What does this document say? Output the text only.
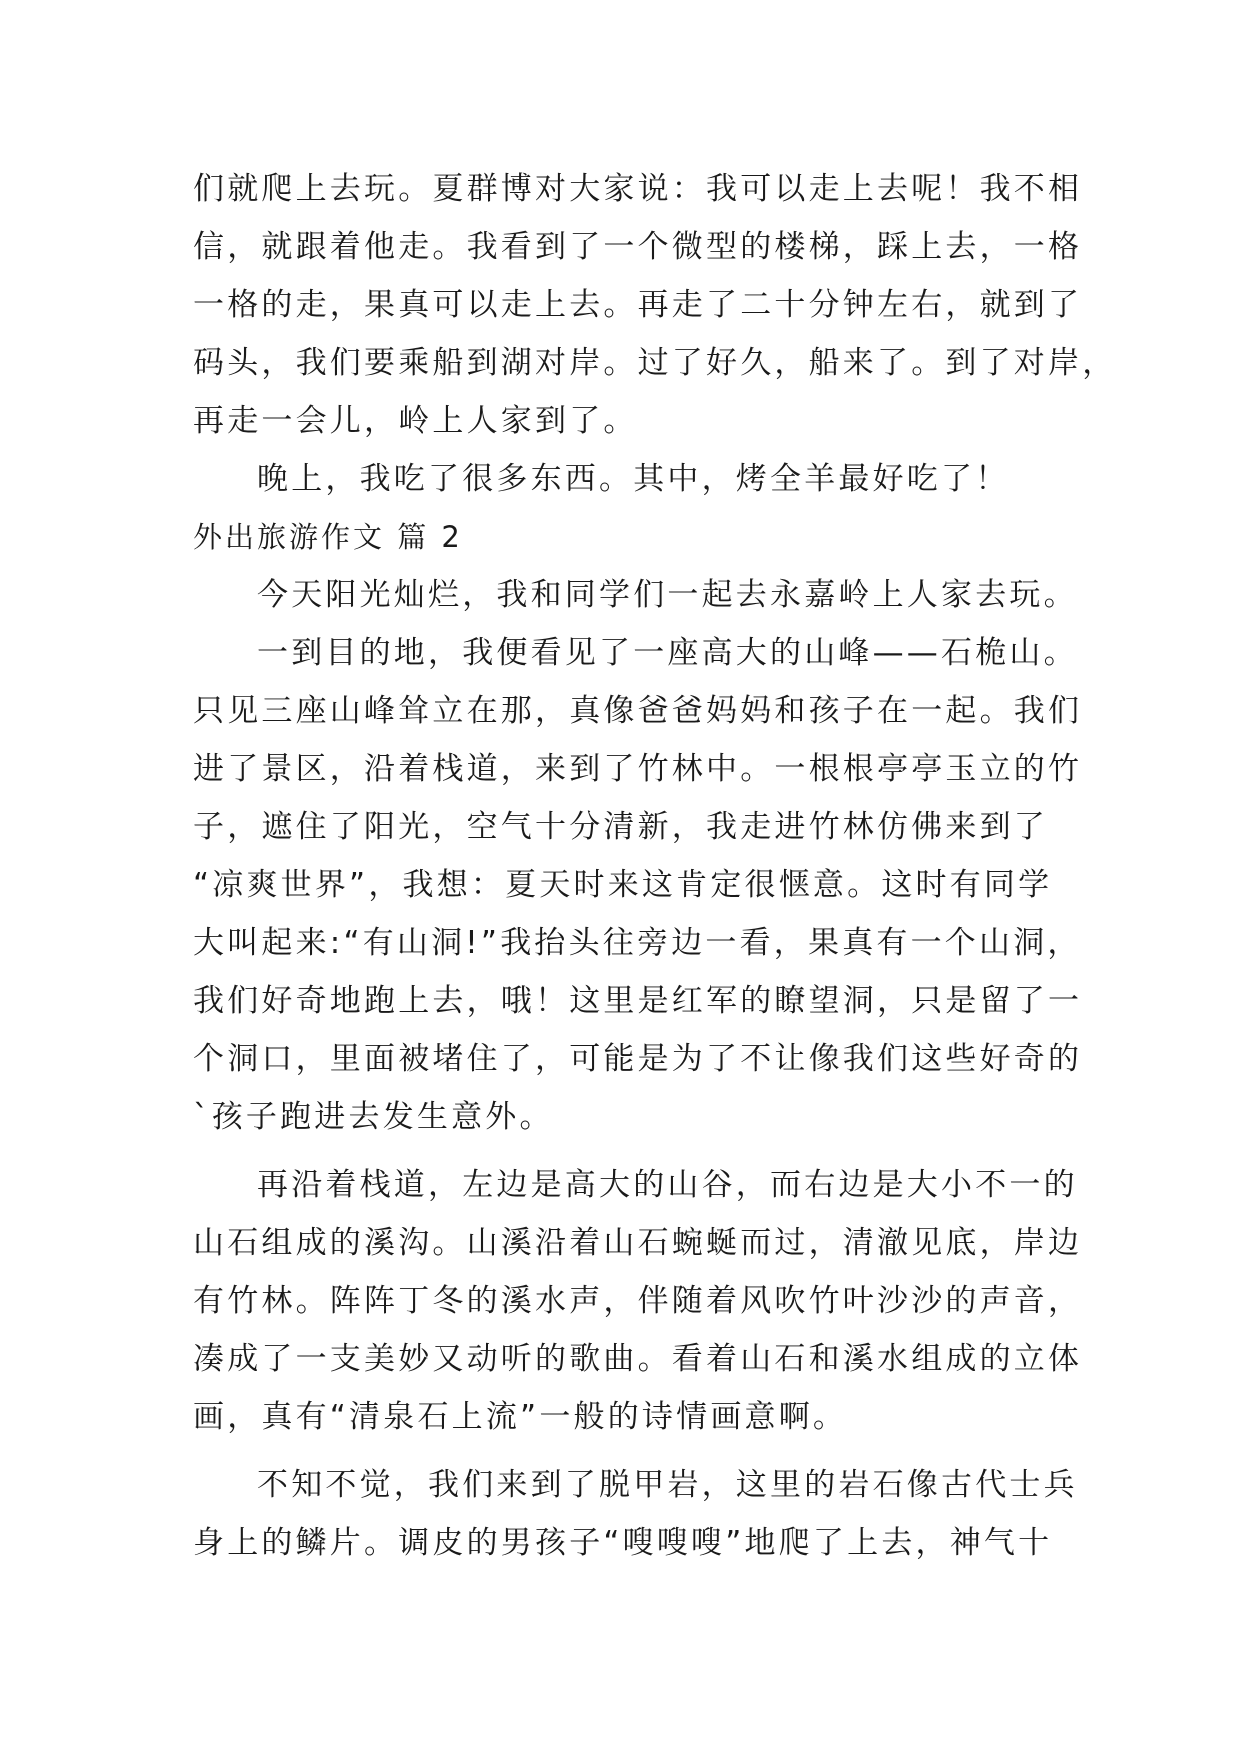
们就爬上去玩。夏群博对大家说：我可以走上去呢！我不相
信，就跟着他走。我看到了一个微型的楼梯，踩上去，一格
一格的走，果真可以走上去。再走了二十分钟左右，就到了
码头，我们要乘船到湖对岸。过了好久，船来了。到了对岸，
再走一会儿，岭上人家到了。
晚上，我吃了很多东西。其中，烤全羊最好吃了！
外出旅游作文 篇 2
今天阳光灿烂，我和同学们一起去永嘉岭上人家去玩。
一到目的地，我便看见了一座高大的山峰——石桅山。
只见三座山峰耸立在那，真像爸爸妈妈和孩子在一起。我们
进了景区，沿着栈道，来到了竹林中。一根根亭亭玉立的竹
子，遮住了阳光，空气十分清新，我走进竹林仿佛来到了
“凉爽世界”，我想：夏天时来这肯定很惬意。这时有同学
大叫起来:“有山洞!”我抬头往旁边一看，果真有一个山洞，
我们好奇地跑上去，哦！这里是红军的瞭望洞，只是留了一
个洞口，里面被堵住了，可能是为了不让像我们这些好奇的
`孩子跑进去发生意外。
再沿着栈道，左边是高大的山谷，而右边是大小不一的
山石组成的溪沟。山溪沿着山石蜿蜒而过，清澈见底，岸边
有竹林。阵阵丁冬的溪水声，伴随着风吹竹叶沙沙的声音，
凑成了一支美妙又动听的歌曲。看着山石和溪水组成的立体
画，真有“清泉石上流”一般的诗情画意啊。
不知不觉，我们来到了脱甲岩，这里的岩石像古代士兵
身上的鳞片。调皮的男孩子“嗖嗖嗖”地爬了上去，神气十
